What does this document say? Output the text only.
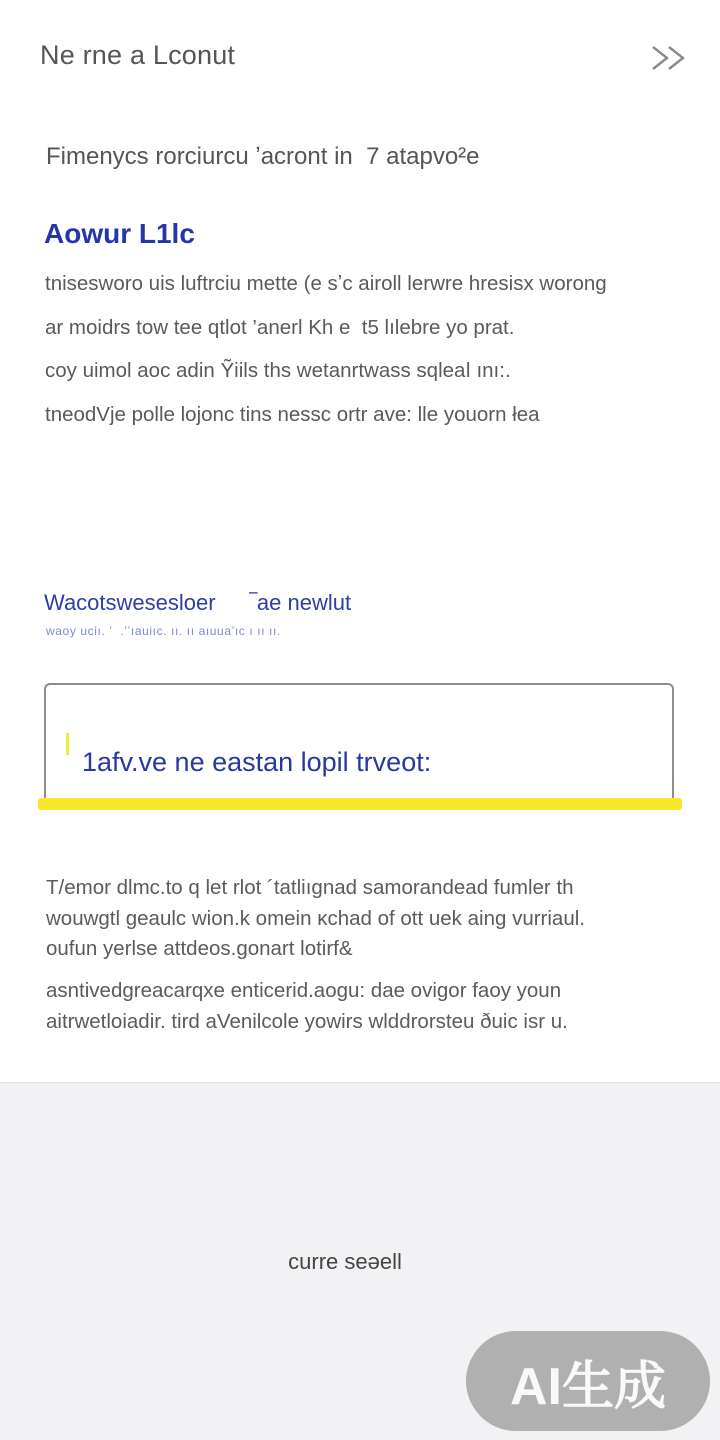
Ne rne a Lconut
Fimenycs rorciurcu ʼacront in  7 atapvo²e
Aowur L1lc
tnisesworo uis luftrciu mette (e sʼc airoll lerwre hresisx worong
ar moidrs tow tee qtlot ’anerl Kh e  t5 lılebre yo prat.
coy uimol aoc adin Ỹiils ths wetanrtwass sqleaǀ ını:.
tneodVje polle lojonc tins nessc ortr ave: lle youorn łea
Wacotswesesloer ‾ae newlut
waoy uciı. ʼ  .ʼʼıauiıc. ıı. ıı aıuuaʼıc ı ıı ıı.
1afv.ve ne eastan lopil trveot:
T/emor dlmc.to q let rlot ´tatliıgnad samorandead fumler th
wouwgtl geaulc wion.k omein κchad of ott uek aing vurriaul.
oufun yerlse attdeos.gonart lotirf&
asntivedgreacarqxe enticerid.aogu: dae ovigor faoy youn
aitrwetloiadir. tird aVenilcole yowirs wlddrorsteu ðuic isr u.
curre seəell
AI生成
